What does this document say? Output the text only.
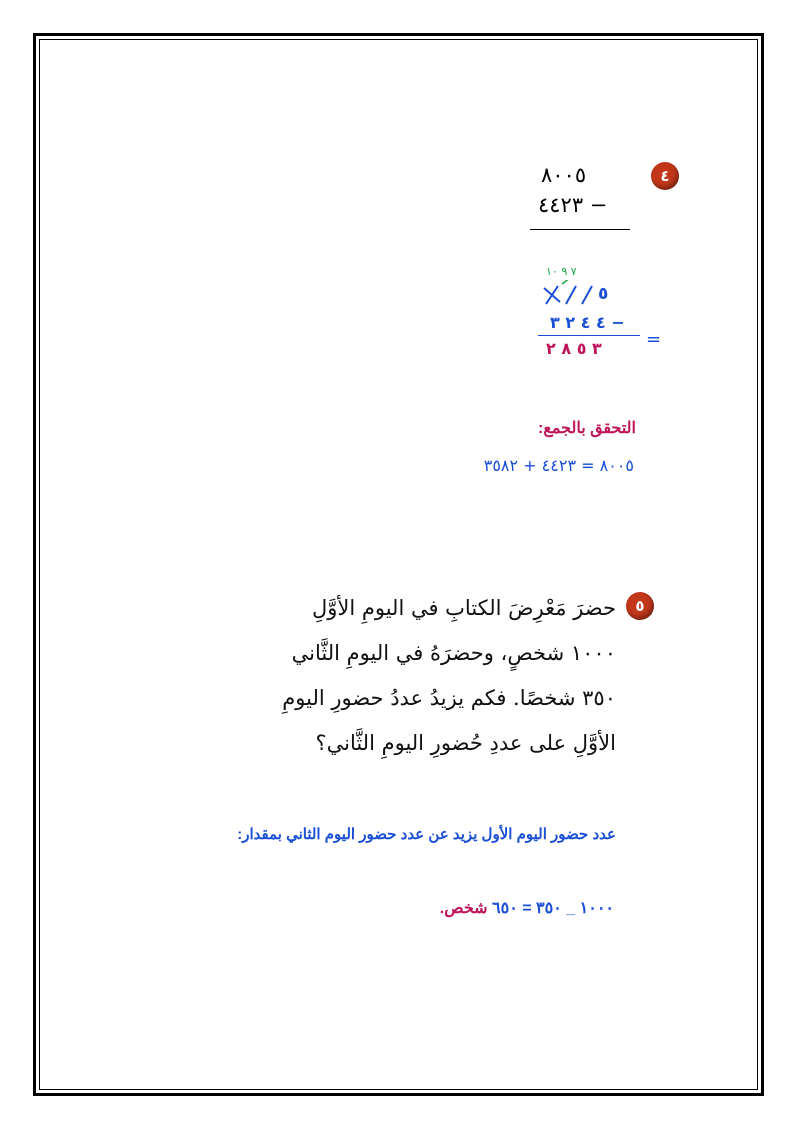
٤
٨٠٠٥
٤٤٢٣ −
٧ ٩ ١٠
٥
٤ ٤ ٢ ٣ −
٣ ٥ ٨ ٢ =
التحقق بالجمع:
٨٠٠٥ = ٤٤٢٣ + ٣٥٨٢
٥
حضرَ مَعْرِضَ الكتابِ في اليومِ الأوَّلِ
١٠٠٠ شخصٍ، وحضرَهُ في اليومِ الثَّاني
٣٥٠ شخصًا. فكم يزيدُ عددُ حضورِ اليومِ
الأوَّلِ على عددِ حُضورِ اليومِ الثَّاني؟
عدد حضور اليوم الأول يزيد عن عدد حضور اليوم الثاني بمقدار:
١٠٠٠ _ ٣٥٠ = ٦٥٠ شخص.
